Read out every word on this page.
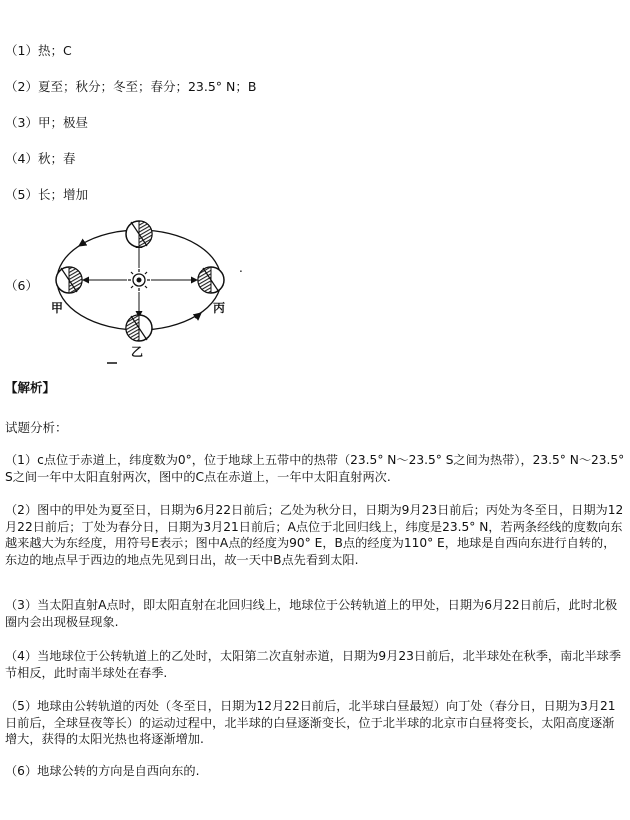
（1）热；C
（2）夏至；秋分；冬至；春分；23.5° N；B
（3）甲；极昼
（4）秋；春
（5）长；增加
（6）
甲	丙
乙
.
【解析】
试题分析：
（1）c点位于赤道上，纬度数为0°，位于地球上五带中的热带（23.5° N～23.5° S之间为热带），23.5° N～23.5° S之间一年中太阳直射两次，图中的C点在赤道上，一年中太阳直射两次.
（2）图中的甲处为夏至日，日期为6月22日前后；乙处为秋分日，日期为9月23日前后；丙处为冬至日，日期为12月22日前后；丁处为春分日，日期为3月21日前后；A点位于北回归线上，纬度是23.5° N，若两条经线的度数向东越来越大为东经度，用符号E表示；图中A点的经度为90° E，B点的经度为110° E，地球是自西向东进行自转的，东边的地点早于西边的地点先见到日出，故一天中B点先看到太阳.
（3）当太阳直射A点时，即太阳直射在北回归线上，地球位于公转轨道上的甲处，日期为6月22日前后，此时北极圈内会出现极昼现象.
（4）当地球位于公转轨道上的乙处时，太阳第二次直射赤道，日期为9月23日前后，北半球处在秋季，南北半球季节相反，此时南半球处在春季.
（5）地球由公转轨道的丙处（冬至日，日期为12月22日前后，北半球白昼最短）向丁处（春分日，日期为3月21日前后，全球昼夜等长）的运动过程中，北半球的白昼逐渐变长，位于北半球的北京市白昼将变长，太阳高度逐渐增大，获得的太阳光热也将逐渐增加.
（6）地球公转的方向是自西向东的.
